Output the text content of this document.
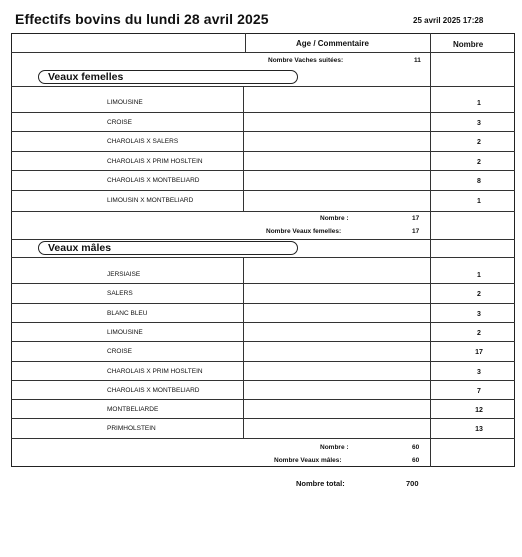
Effectifs bovins du lundi 28 avril 2025	25 avril 2025 17:28
Age / Commentaire	Nombre
Nombre Vaches suitées:	11
Veaux femelles
LIMOUSINE	1
CROISE	3
CHAROLAIS X SALERS	2
CHAROLAIS X PRIM HOSLTEIN	2
CHAROLAIS X MONTBELIARD	8
LIMOUSIN X MONTBELIARD	1
Nombre :	17
Nombre Veaux femelles:	17
Veaux mâles
JERSIAISE	1
SALERS	2
BLANC BLEU	3
LIMOUSINE	2
CROISE	17
CHAROLAIS X PRIM HOSLTEIN	3
CHAROLAIS X MONTBELIARD	7
MONTBELIARDE	12
PRIMHOLSTEIN	13
Nombre :	60
Nombre Veaux mâles:	60
Nombre total:	700
